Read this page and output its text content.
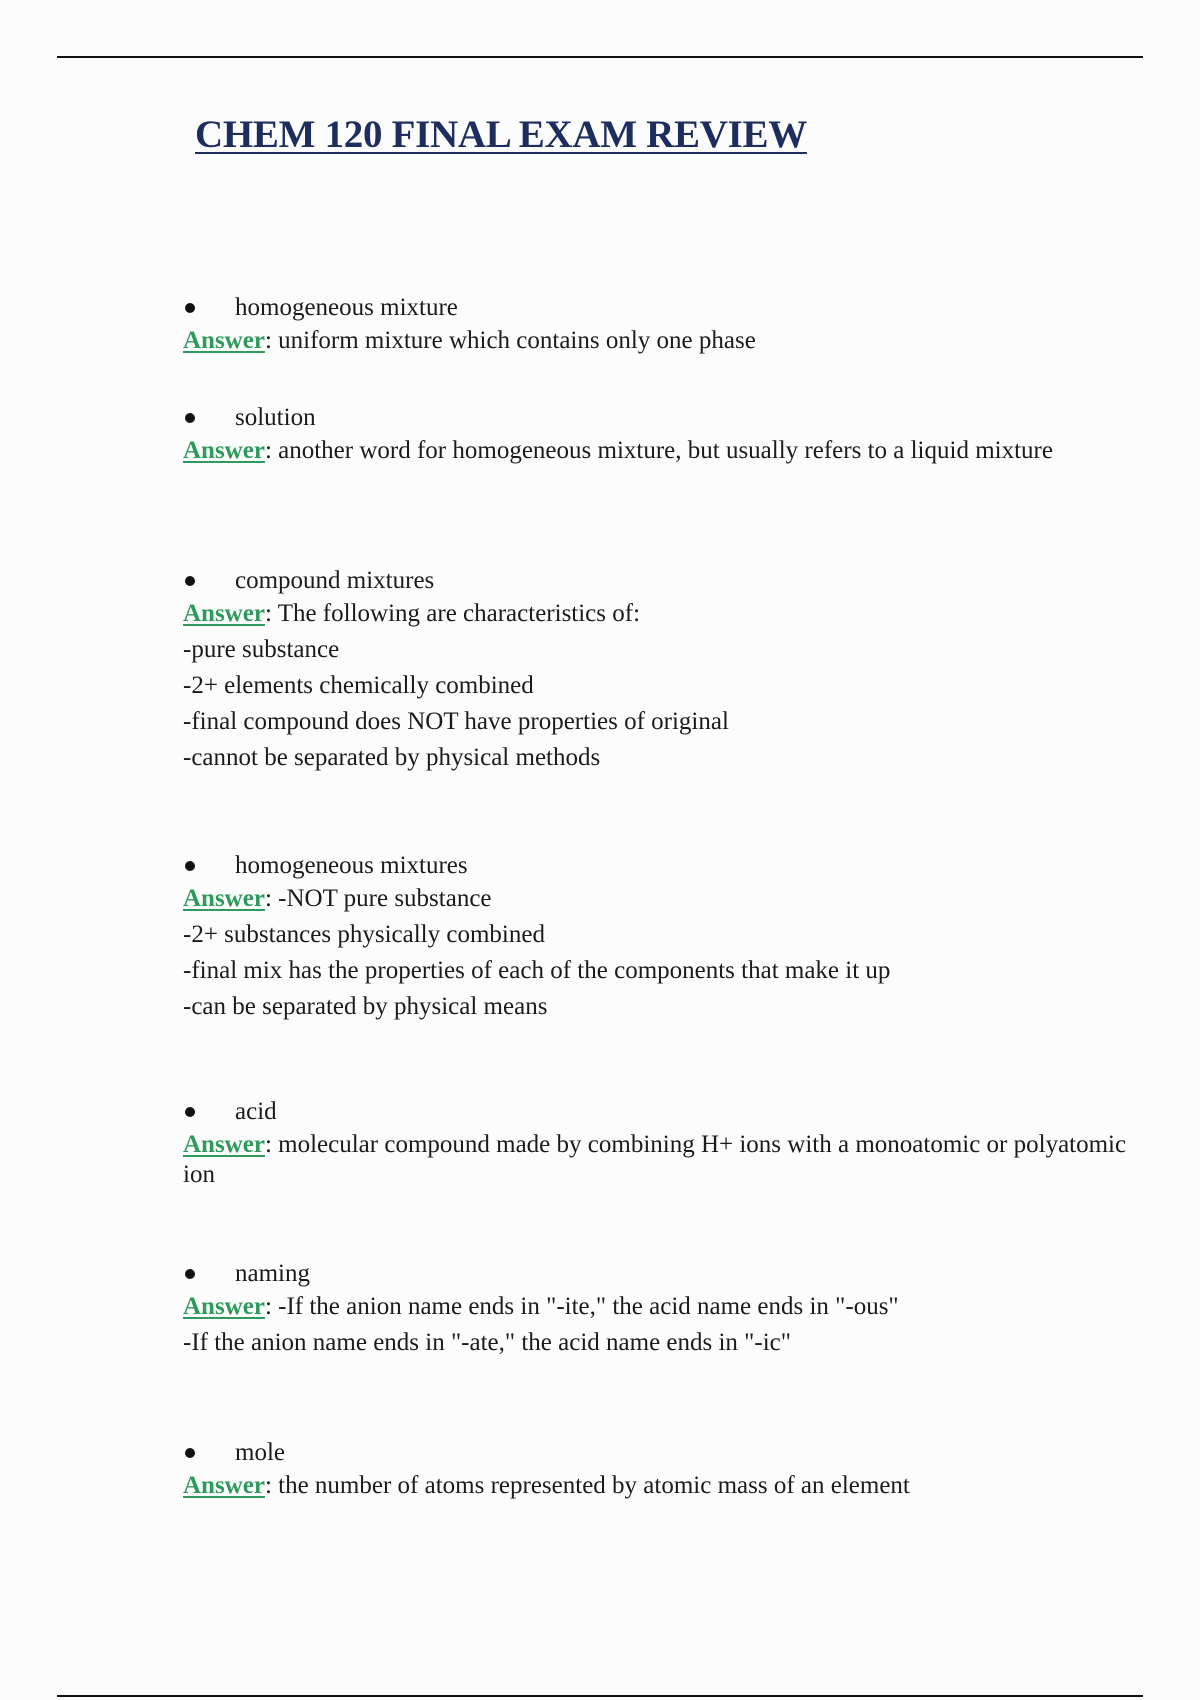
CHEM 120 FINAL EXAM REVIEW
homogeneous mixture
Answer: uniform mixture which contains only one phase
solution
Answer: another word for homogeneous mixture, but usually refers to a liquid mixture
compound mixtures
Answer: The following are characteristics of:
-pure substance
-2+ elements chemically combined
-final compound does NOT have properties of original
-cannot be separated by physical methods
homogeneous mixtures
Answer: -NOT pure substance
-2+ substances physically combined
-final mix has the properties of each of the components that make it up
-can be separated by physical means
acid
Answer: molecular compound made by combining H+ ions with a monoatomic or polyatomic ion
naming
Answer: -If the anion name ends in "-ite," the acid name ends in "-ous"
-If the anion name ends in "-ate," the acid name ends in "-ic"
mole
Answer: the number of atoms represented by atomic mass of an element
